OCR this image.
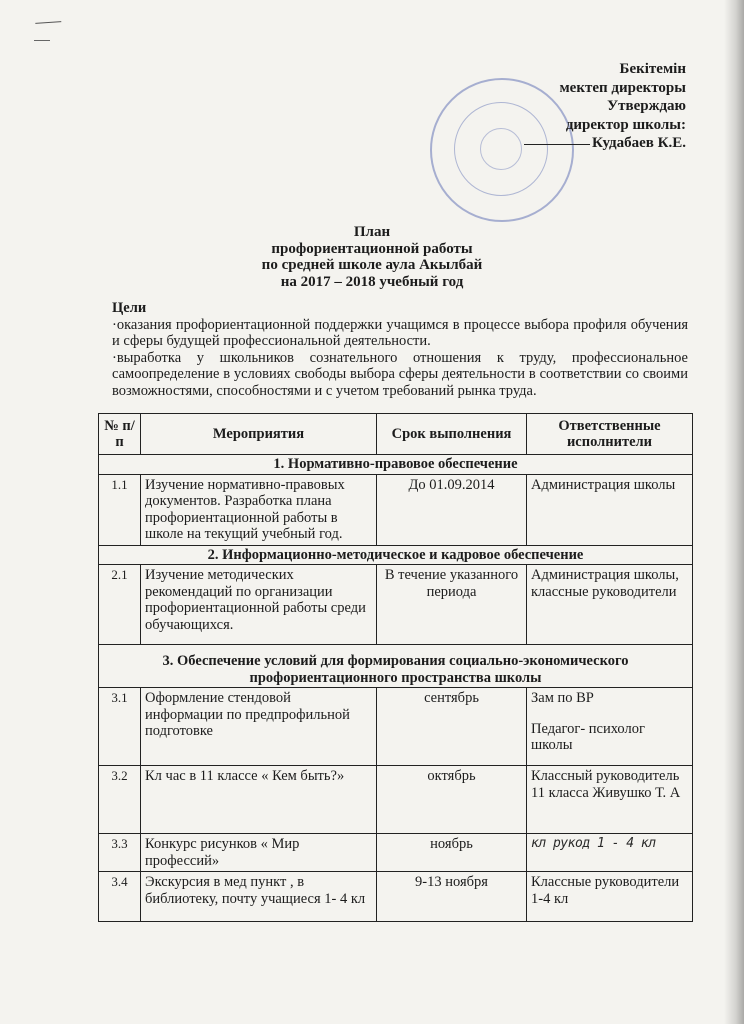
Бекітемін
мектеп директоры
Утверждаю
директор школы:
Кудабаев К.Е.
План
профориентационной работы
по средней школе аула Акылбай
на 2017 – 2018 учебный год
Цели

·оказания профориентационной поддержки учащимся в процессе выбора профиля обучения и сферы будущей профессиональной деятельности.

·выработка у школьников сознательного отношения к труду, профессиональное самоопределение в условиях свободы выбора сферы деятельности в соответствии со своими возможностями, способностями и с учетом требований рынка труда.

№ п/п	Мероприятия	Срок выполнения	Ответственные исполнители
1. Нормативно-правовое обеспечение			
1.1	Изучение нормативно-правовых документов. Разработка плана профориентационной работы в школе на текущий учебный год.	До 01.09.2014	Администрация школы
2. Информационно-методическое и кадровое обеспечение			
2.1	Изучение методических рекомендаций по организации профориентационной работы среди обучающихся.	В течение указанного периода	Администрация школы, классные руководители
3. Обеспечение условий для формирования социально-экономического профориентационного пространства школы			
3.1	Оформление стендовой информации по предпрофильной подготовке	сентябрь	Зам по ВР
Педагог- психолог школы

3.2	Кл час в 11 классе « Кем быть?»	октябрь	Классный руководитель 11 класса Живушко Т. А
3.3	Конкурс рисунков « Мир профессий»	ноябрь	кл рукод 1 - 4 кл
3.4	Экскурсия в мед пункт , в библиотеку, почту учащиеся 1- 4 кл	9-13 ноября	Классные руководители 1-4 кл
